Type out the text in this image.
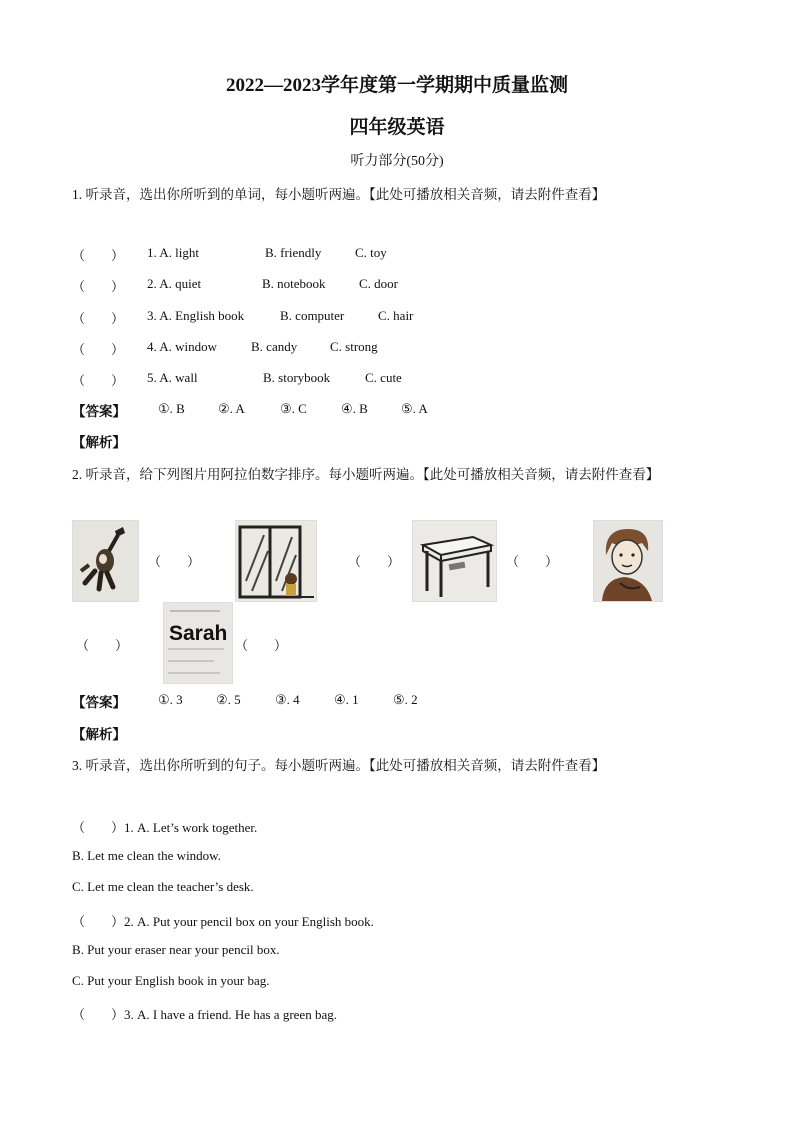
2022—2023学年度第一学期期中质量监测
四年级英语
听力部分(50分)
1. 听录音，选出你所听到的单词，每小题听两遍。【此处可播放相关音频，请去附件查看】
（　　） 1. A. light	B. friendly	C. toy
（　　） 2. A. quiet	B. notebook	C. door
（　　） 3. A. English book	B. computer	C. hair
（　　） 4. A. window	B. candy	C. strong
（　　） 5. A. wall	B. storybook	C. cute
【答案】 ①. B	②. A	③. C	④. B	⑤. A
【解析】
2. 听录音，给下列图片用阿拉伯数字排序。每小题听两遍。【此处可播放相关音频，请去附件查看】
（　　）	（　　）	（　　）
（　　）
Sarah
（　　）
【答案】 ①. 3	②. 5	③. 4	④. 1	⑤. 2
【解析】
3. 听录音，选出你所听到的句子。每小题听两遍。【此处可播放相关音频，请去附件查看】
（　　）1. A. Let’s work together.
B. Let me clean the window.
C. Let me clean the teacher’s desk.
（　　）2. A. Put your pencil box on your English book.
B. Put your eraser near your pencil box.
C. Put your English book in your bag.
（　　）3. A. I have a friend. He has a green bag.
